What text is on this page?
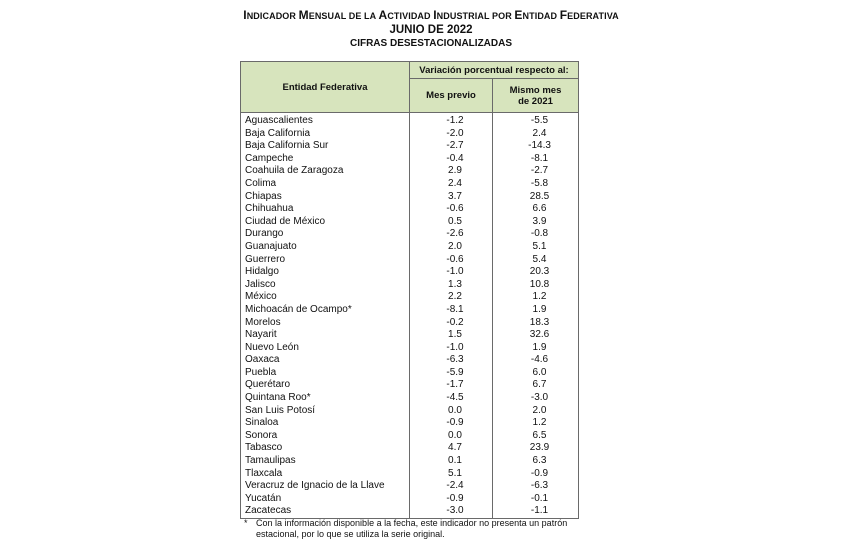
INDICADOR MENSUAL DE LA ACTIVIDAD INDUSTRIAL POR ENTIDAD FEDERATIVA
JUNIO DE 2022
CIFRAS DESESTACIONALIZADAS
Entidad Federativa	Variación porcentual respecto al:	
	Mes previo	Mismo mes
de 2021
Aguascalientes	-1.2	-5.5
Baja California	-2.0	2.4
Baja California Sur	-2.7	-14.3
Campeche	-0.4	-8.1
Coahuila de Zaragoza	2.9	-2.7
Colima	2.4	-5.8
Chiapas	3.7	28.5
Chihuahua	-0.6	6.6
Ciudad de México	0.5	3.9
Durango	-2.6	-0.8
Guanajuato	2.0	5.1
Guerrero	-0.6	5.4
Hidalgo	-1.0	20.3
Jalisco	1.3	10.8
México	2.2	1.2
Michoacán de Ocampo*	-8.1	1.9
Morelos	-0.2	18.3
Nayarit	1.5	32.6
Nuevo León	-1.0	1.9
Oaxaca	-6.3	-4.6
Puebla	-5.9	6.0
Querétaro	-1.7	6.7
Quintana Roo*	-4.5	-3.0
San Luis Potosí	0.0	2.0
Sinaloa	-0.9	1.2
Sonora	0.0	6.5
Tabasco	4.7	23.9
Tamaulipas	0.1	6.3
Tlaxcala	5.1	-0.9
Veracruz de Ignacio de la Llave	-2.4	-6.3
Yucatán	-0.9	-0.1
Zacatecas	-3.0	-1.1
* Con la información disponible a la fecha, este indicador no presenta un patrón
estacional, por lo que se utiliza la serie original.
